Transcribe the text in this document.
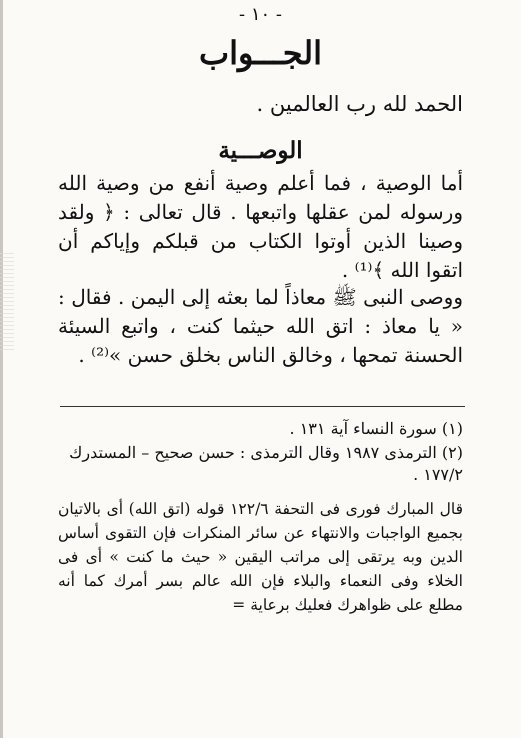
- ١٠ -
الجـــواب
الحمد لله رب العالمين .
الوصـــية
أما الوصية ، فما أعلم وصية أنفع من وصية الله ورسوله لمن عقلها واتبعها . قال تعالى : ﴿ ولقد وصينا الذين أوتوا الكتاب من قبلكم وإياكم أن اتقوا الله ﴾⁽¹⁾ .
ووصى النبى ﷺ معاذاً لما بعثه إلى اليمن . فقال : « يا معاذ : اتق الله حيثما كنت ، واتبع السيئة الحسنة تمحها ، وخالق الناس بخلق حسن »⁽²⁾ .
(١) سورة النساء آية ١٣١ .
(٢) الترمذى ١٩٨٧ وقال الترمذى : حسن صحيح – المستدرك ١٧٧/٢ .
قال المبارك فورى فى التحفة ١٢٢/٦ قوله (اتق الله) أى بالاتيان بجميع الواجبات والانتهاء عن سائر المنكرات فإن التقوى أساس الدين وبه يرتقى إلى مراتب اليقين « حيث ما كنت » أى فى الخلاء وفى النعماء والبلاء فإن الله عالم بسر أمرك كما أنه مطلع على ظواهرك فعليك برعاية =
